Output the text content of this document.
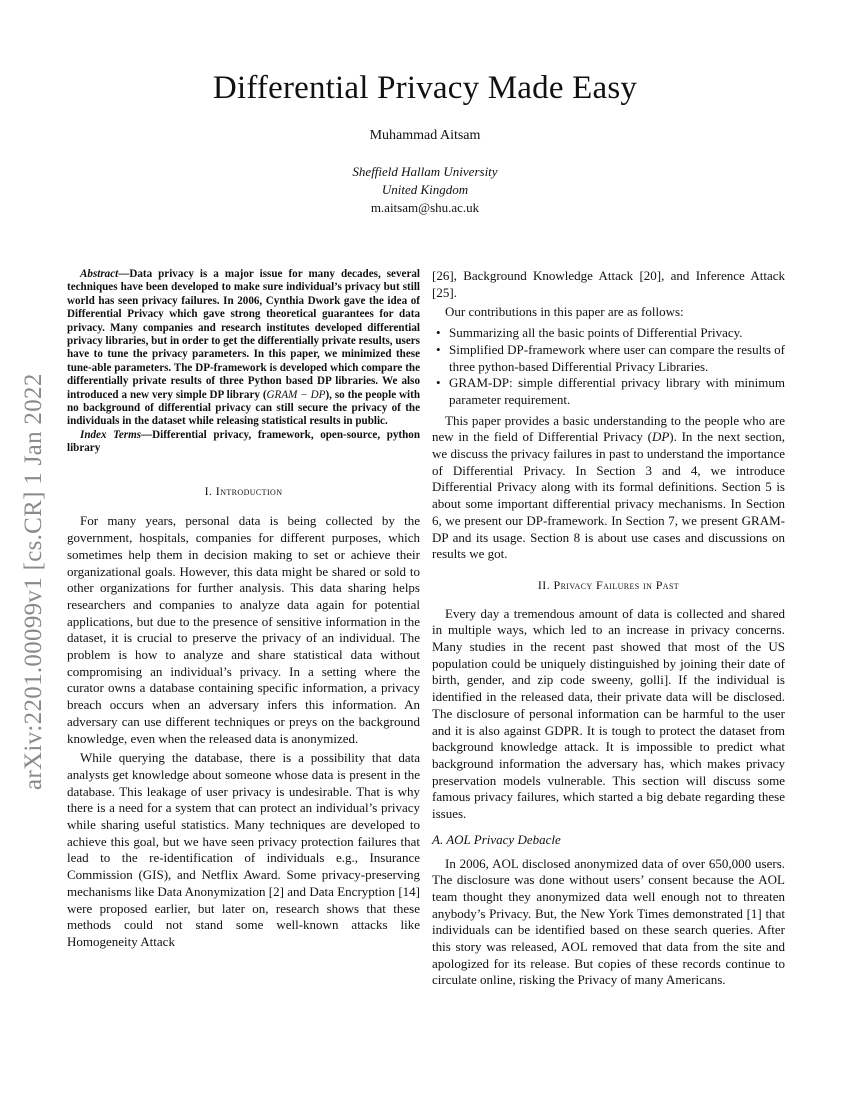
arXiv:2201.00099v1 [cs.CR] 1 Jan 2022
Differential Privacy Made Easy
Muhammad Aitsam
Sheffield Hallam University
United Kingdom
m.aitsam@shu.ac.uk

Abstract—Data privacy is a major issue for many decades, several techniques have been developed to make sure individual’s privacy but still world has seen privacy failures. In 2006, Cynthia Dwork gave the idea of Differential Privacy which gave strong theoretical guarantees for data privacy. Many companies and research institutes developed differential privacy libraries, but in order to get the differentially private results, users have to tune the privacy parameters. In this paper, we minimized these tune-able parameters. The DP-framework is developed which compare the differentially private results of three Python based DP libraries. We also introduced a new very simple DP library (GRAM − DP), so the people with no background of differential privacy can still secure the privacy of the individuals in the dataset while releasing statistical results in public.

Index Terms—Differential privacy, framework, open-source, python library

I. Introduction

For many years, personal data is being collected by the government, hospitals, companies for different purposes, which sometimes help them in decision making to set or achieve their organizational goals. However, this data might be shared or sold to other organizations for further analysis. This data sharing helps researchers and companies to analyze data again for potential applications, but due to the presence of sensitive information in the dataset, it is crucial to preserve the privacy of an individual. The problem is how to analyze and share statistical data without compromising an individual’s privacy. In a setting where the curator owns a database containing specific information, a privacy breach occurs when an adversary infers this information. An adversary can use different techniques or preys on the background knowledge, even when the released data is anonymized.

While querying the database, there is a possibility that data analysts get knowledge about someone whose data is present in the database. This leakage of user privacy is undesirable. That is why there is a need for a system that can protect an individual’s privacy while sharing useful statistics. Many techniques are developed to achieve this goal, but we have seen privacy protection failures that lead to the re-identification of individuals e.g., Insurance Commission (GIS), and Netflix Award. Some privacy-preserving mechanisms like Data Anonymization [2] and Data Encryption [14] were proposed earlier, but later on, research shows that these methods could not stand some well-known attacks like Homogeneity Attack

[26], Background Knowledge Attack [20], and Inference Attack [25].

Our contributions in this paper are as follows:

• Summarizing all the basic points of Differential Privacy.
• Simplified DP-framework where user can compare the results of three python-based Differential Privacy Libraries.
• GRAM-DP: simple differential privacy library with minimum parameter requirement.

This paper provides a basic understanding to the people who are new in the field of Differential Privacy (DP). In the next section, we discuss the privacy failures in past to understand the importance of Differential Privacy. In Section 3 and 4, we introduce Differential Privacy along with its formal definitions. Section 5 is about some important differential privacy mechanisms. In Section 6, we present our DP-framework. In Section 7, we present GRAM-DP and its usage. Section 8 is about use cases and discussions on results we got.

II. Privacy Failures in Past

Every day a tremendous amount of data is collected and shared in multiple ways, which led to an increase in privacy concerns. Many studies in the recent past showed that most of the US population could be uniquely distinguished by joining their date of birth, gender, and zip code sweeny, golli]. If the individual is identified in the released data, their private data will be disclosed. The disclosure of personal information can be harmful to the user and it is also against GDPR. It is tough to protect the dataset from background knowledge attack. It is impossible to predict what background information the adversary has, which makes privacy preservation models vulnerable. This section will discuss some famous privacy failures, which started a big debate regarding these issues.

A. AOL Privacy Debacle

In 2006, AOL disclosed anonymized data of over 650,000 users. The disclosure was done without users’ consent because the AOL team thought they anonymized data well enough not to threaten anybody’s Privacy. But, the New York Times demonstrated [1] that individuals can be identified based on these search queries. After this story was released, AOL removed that data from the site and apologized for its release. But copies of these records continue to circulate online, risking the Privacy of many Americans.
